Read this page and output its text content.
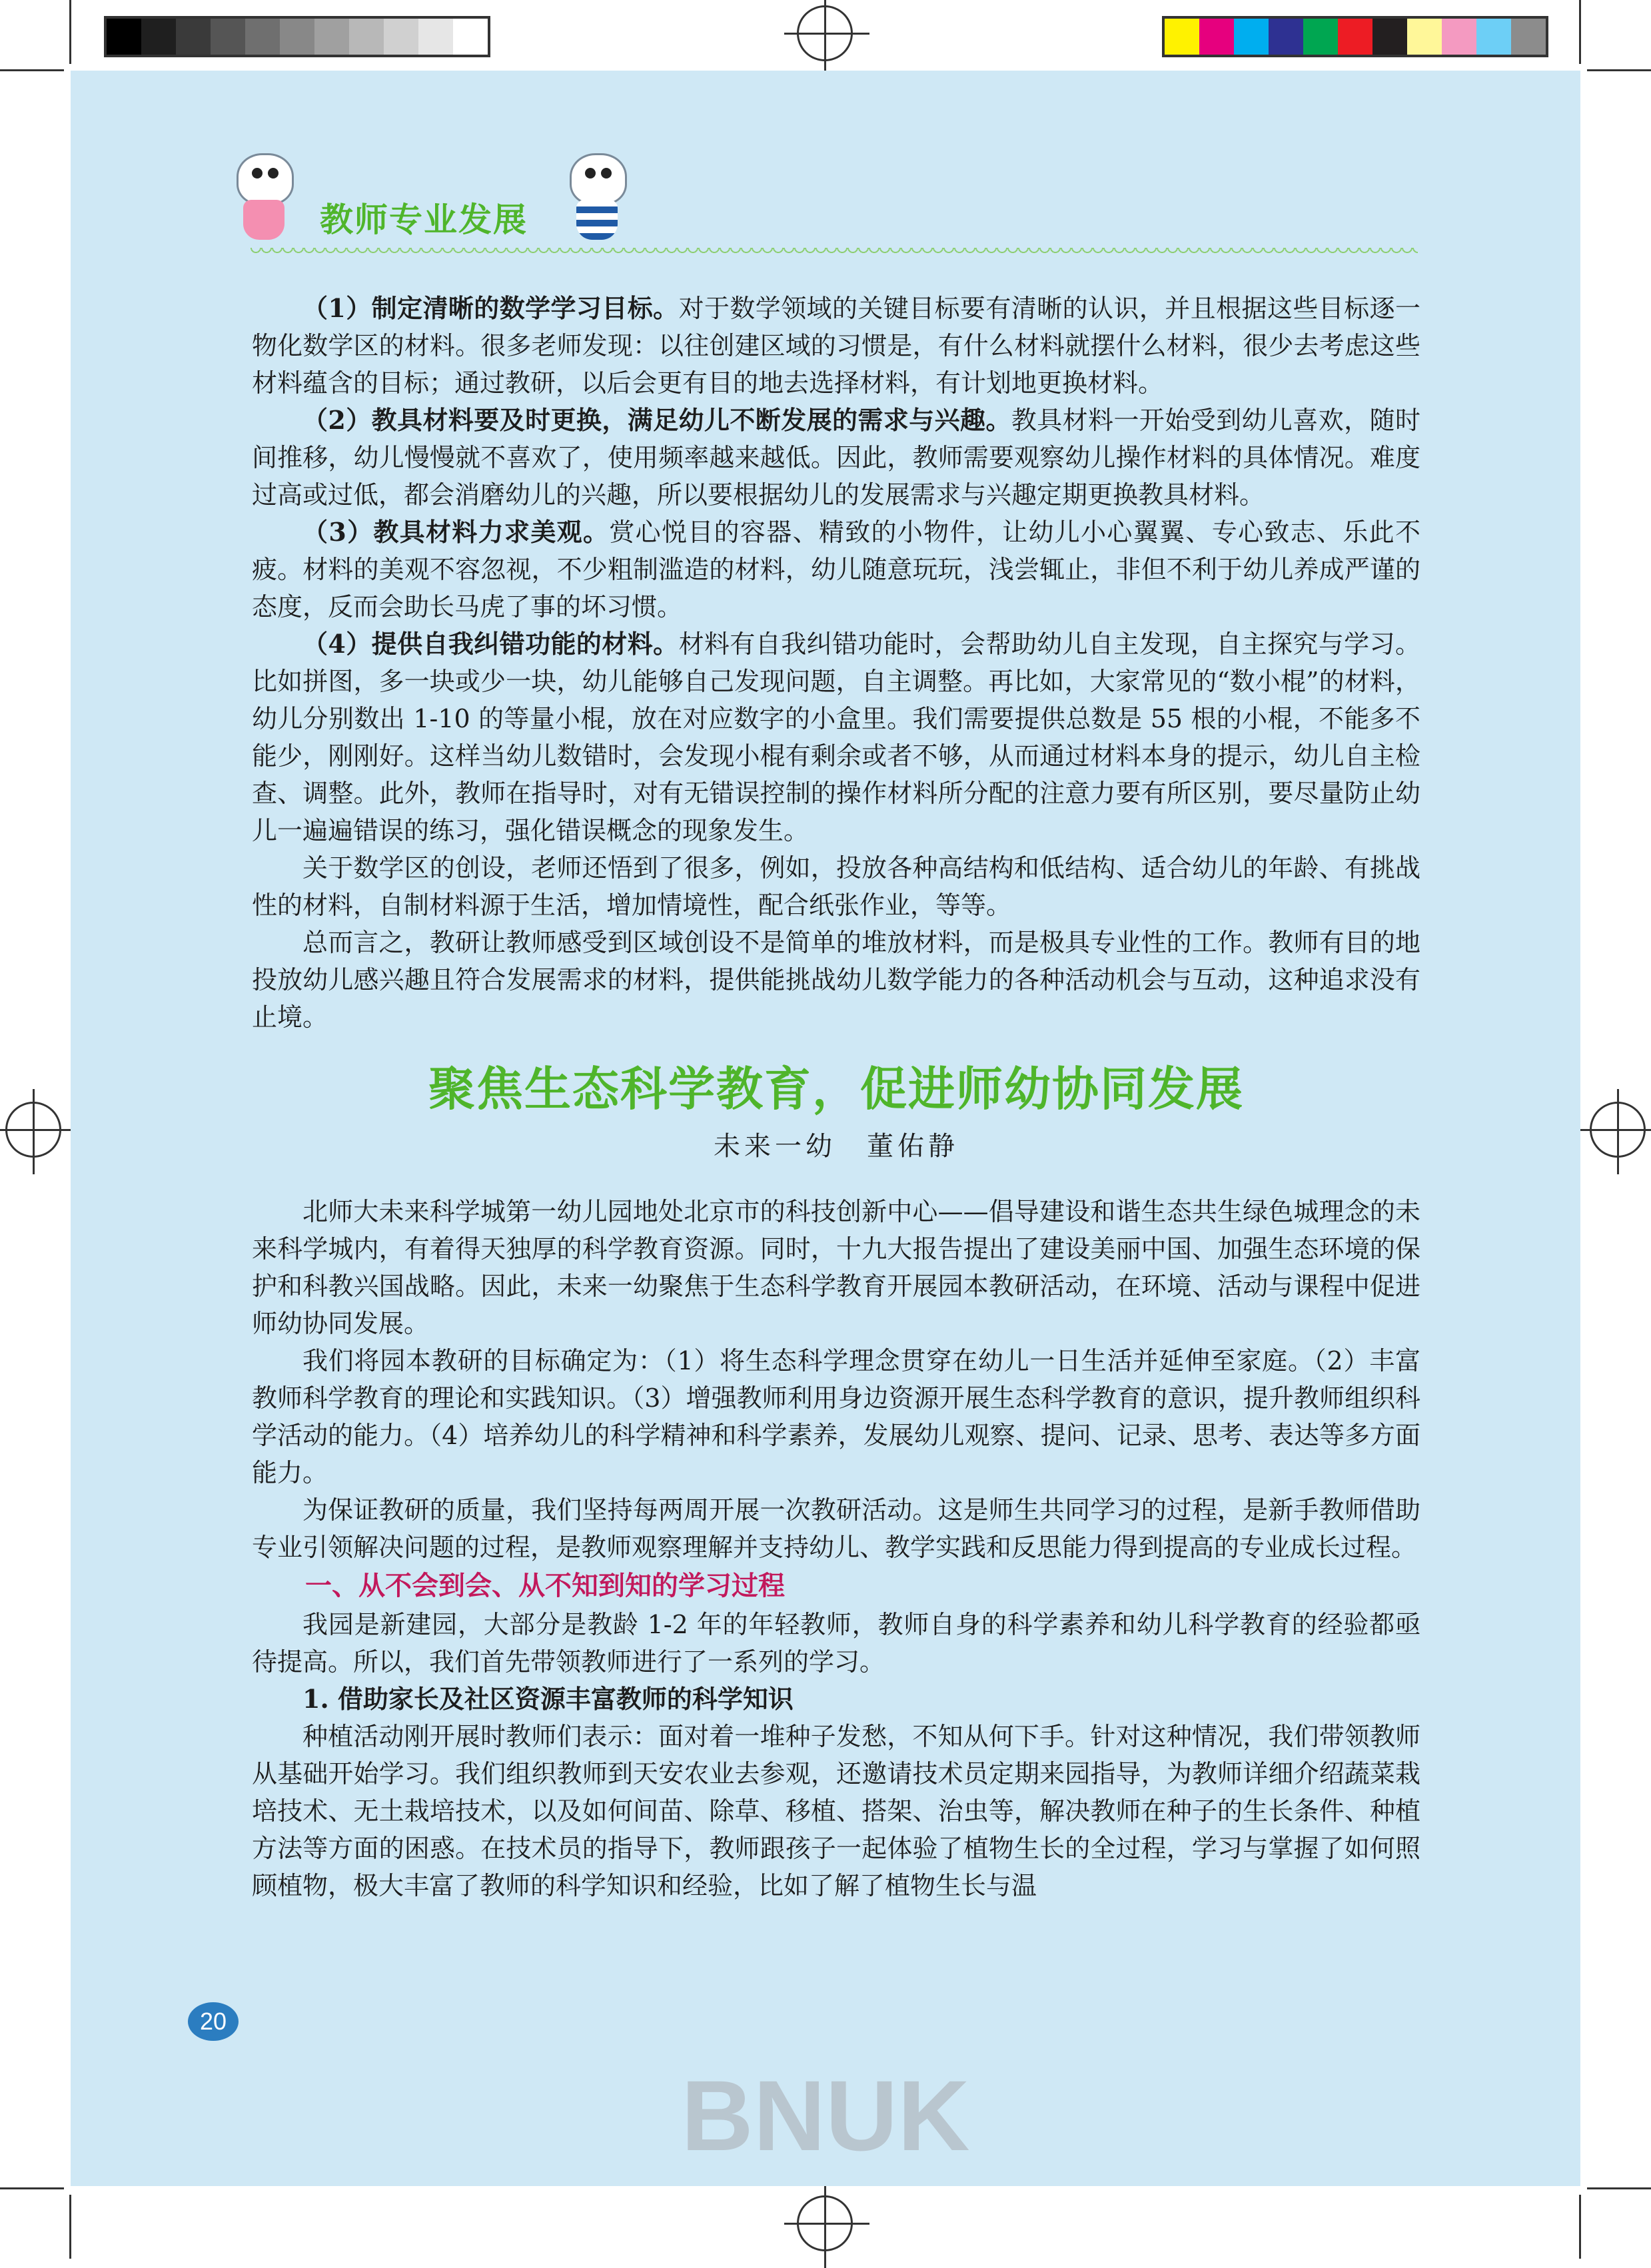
教师专业发展

（1）制定清晰的数学学习目标。对于数学领域的关键目标要有清晰的认识，并且根据这些目标逐一物化数学区的材料。很多老师发现：以往创建区域的习惯是，有什么材料就摆什么材料，很少去考虑这些材料蕴含的目标；通过教研，以后会更有目的地去选择材料，有计划地更换材料。

（2）教具材料要及时更换，满足幼儿不断发展的需求与兴趣。教具材料一开始受到幼儿喜欢，随时间推移，幼儿慢慢就不喜欢了，使用频率越来越低。因此，教师需要观察幼儿操作材料的具体情况。难度过高或过低，都会消磨幼儿的兴趣，所以要根据幼儿的发展需求与兴趣定期更换教具材料。

（3）教具材料力求美观。赏心悦目的容器、精致的小物件，让幼儿小心翼翼、专心致志、乐此不疲。材料的美观不容忽视，不少粗制滥造的材料，幼儿随意玩玩，浅尝辄止，非但不利于幼儿养成严谨的态度，反而会助长马虎了事的坏习惯。

（4）提供自我纠错功能的材料。材料有自我纠错功能时，会帮助幼儿自主发现，自主探究与学习。比如拼图，多一块或少一块，幼儿能够自己发现问题，自主调整。再比如，大家常见的“数小棍”的材料，幼儿分别数出 1-10 的等量小棍，放在对应数字的小盒里。我们需要提供总数是 55 根的小棍，不能多不能少，刚刚好。这样当幼儿数错时，会发现小棍有剩余或者不够，从而通过材料本身的提示，幼儿自主检查、调整。此外，教师在指导时，对有无错误控制的操作材料所分配的注意力要有所区别，要尽量防止幼儿一遍遍错误的练习，强化错误概念的现象发生。

关于数学区的创设，老师还悟到了很多，例如，投放各种高结构和低结构、适合幼儿的年龄、有挑战性的材料，自制材料源于生活，增加情境性，配合纸张作业，等等。

总而言之，教研让教师感受到区域创设不是简单的堆放材料，而是极具专业性的工作。教师有目的地投放幼儿感兴趣且符合发展需求的材料，提供能挑战幼儿数学能力的各种活动机会与互动，这种追求没有止境。

聚焦生态科学教育，促进师幼协同发展
未来一幼　董佑静

北师大未来科学城第一幼儿园地处北京市的科技创新中心——倡导建设和谐生态共生绿色城理念的未来科学城内，有着得天独厚的科学教育资源。同时，十九大报告提出了建设美丽中国、加强生态环境的保护和科教兴国战略。因此，未来一幼聚焦于生态科学教育开展园本教研活动，在环境、活动与课程中促进师幼协同发展。

我们将园本教研的目标确定为：（1）将生态科学理念贯穿在幼儿一日生活并延伸至家庭。（2）丰富教师科学教育的理论和实践知识。（3）增强教师利用身边资源开展生态科学教育的意识，提升教师组织科学活动的能力。（4）培养幼儿的科学精神和科学素养，发展幼儿观察、提问、记录、思考、表达等多方面能力。

为保证教研的质量，我们坚持每两周开展一次教研活动。这是师生共同学习的过程，是新手教师借助专业引领解决问题的过程，是教师观察理解并支持幼儿、教学实践和反思能力得到提高的专业成长过程。

一、从不会到会、从不知到知的学习过程

我园是新建园，大部分是教龄 1-2 年的年轻教师，教师自身的科学素养和幼儿科学教育的经验都亟待提高。所以，我们首先带领教师进行了一系列的学习。

1. 借助家长及社区资源丰富教师的科学知识

种植活动刚开展时教师们表示：面对着一堆种子发愁，不知从何下手。针对这种情况，我们带领教师从基础开始学习。我们组织教师到天安农业去参观，还邀请技术员定期来园指导，为教师详细介绍蔬菜栽培技术、无土栽培技术，以及如何间苗、除草、移植、搭架、治虫等，解决教师在种子的生长条件、种植方法等方面的困惑。在技术员的指导下，教师跟孩子一起体验了植物生长的全过程，学习与掌握了如何照顾植物，极大丰富了教师的科学知识和经验，比如了解了植物生长与温

20
BNUK
